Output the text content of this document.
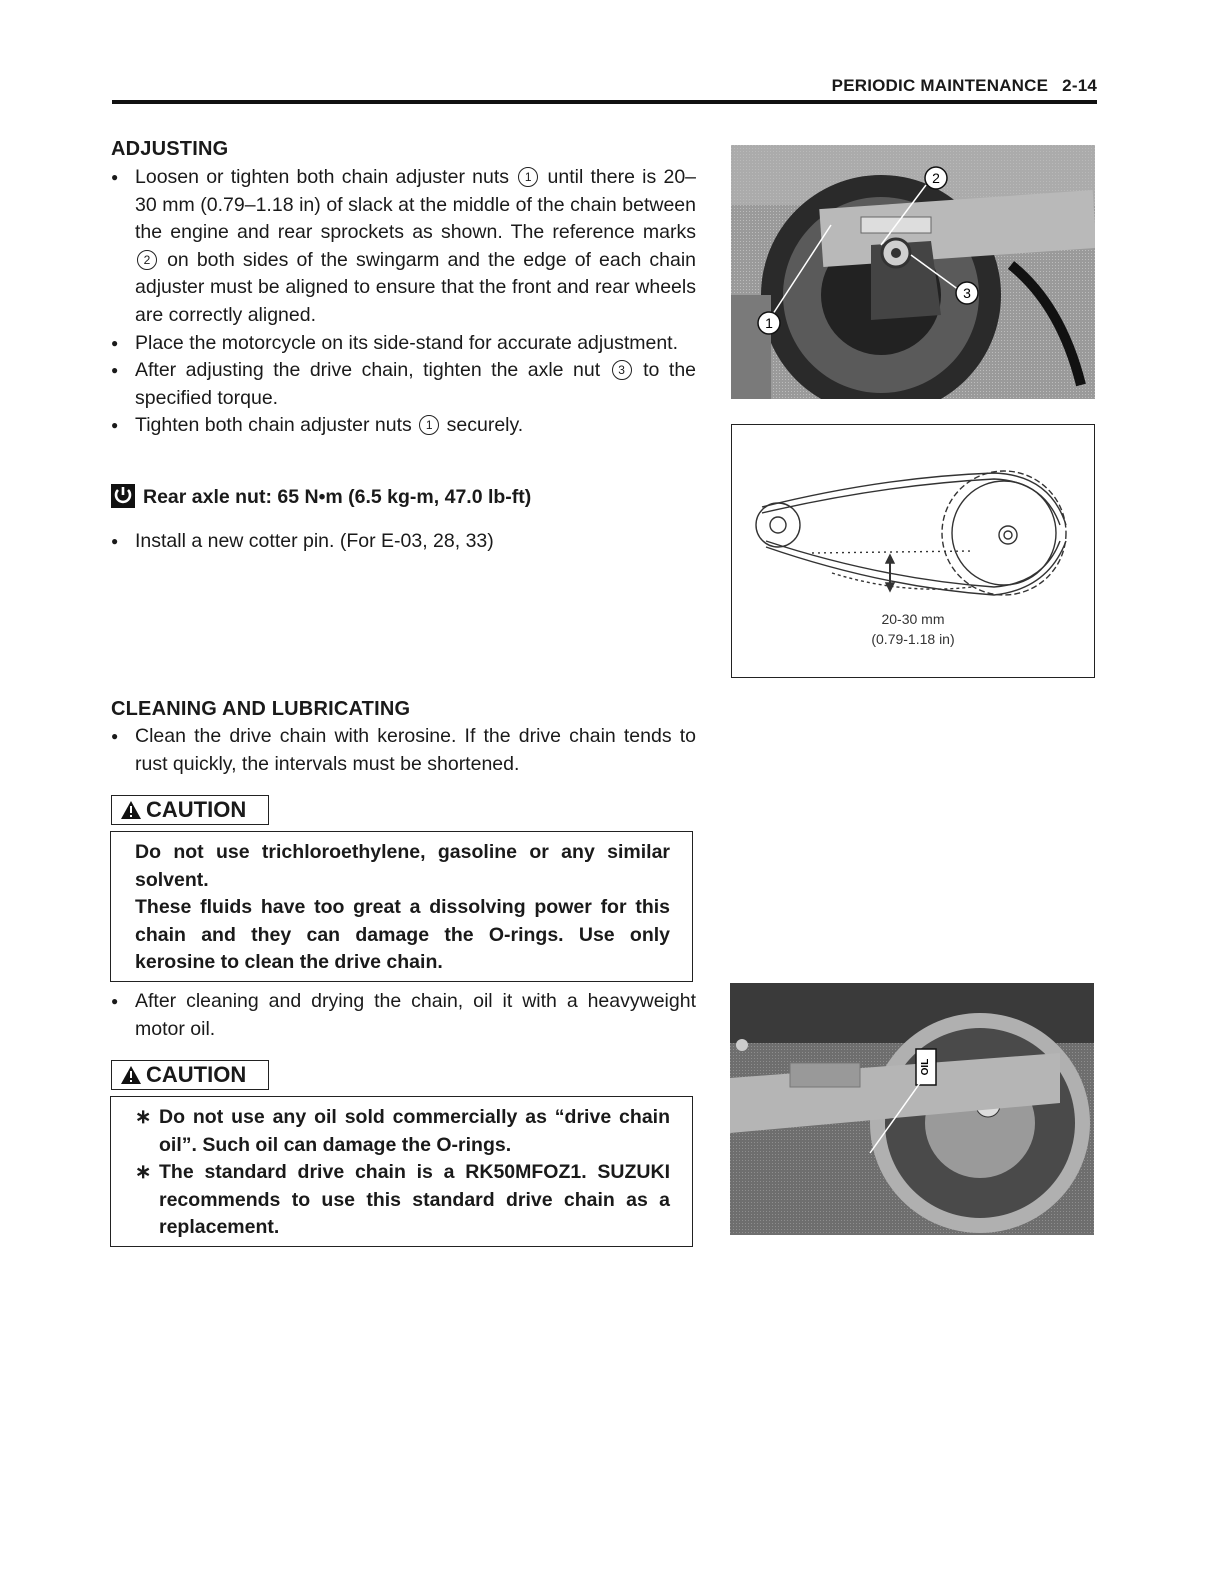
PERIODIC MAINTENANCE 2-14
ADJUSTING
● Loosen or tighten both chain adjuster nuts 1 until there is 20–30 mm (0.79–1.18 in) of slack at the middle of the chain between the engine and rear sprockets as shown. The reference marks 2 on both sides of the swingarm and the edge of each chain adjuster must be aligned to ensure that the front and rear wheels are correctly aligned.
● Place the motorcycle on its side-stand for accurate adjustment.
● After adjusting the drive chain, tighten the axle nut 3 to the specified torque.
● Tighten both chain adjuster nuts 1 securely.
Rear axle nut: 65 N•m (6.5 kg-m, 47.0 lb-ft)
● Install a new cotter pin. (For E-03, 28, 33)
CLEANING AND LUBRICATING
● Clean the drive chain with kerosine. If the drive chain tends to rust quickly, the intervals must be shortened.
CAUTION

Do not use trichloroethylene, gasoline or any similar solvent.

These fluids have too great a dissolving power for this chain and they can damage the O-rings. Use only kerosine to clean the drive chain.

● After cleaning and drying the chain, oil it with a heavyweight motor oil.
CAUTION
∗ Do not use any oil sold commercially as “drive chain oil”. Such oil can damage the O-rings.
∗ The standard drive chain is a RK50MFOZ1. SUZUKI recommends to use this standard drive chain as a replacement.
1
2
3
20-30 mm
(0.79-1.18 in)
OIL
